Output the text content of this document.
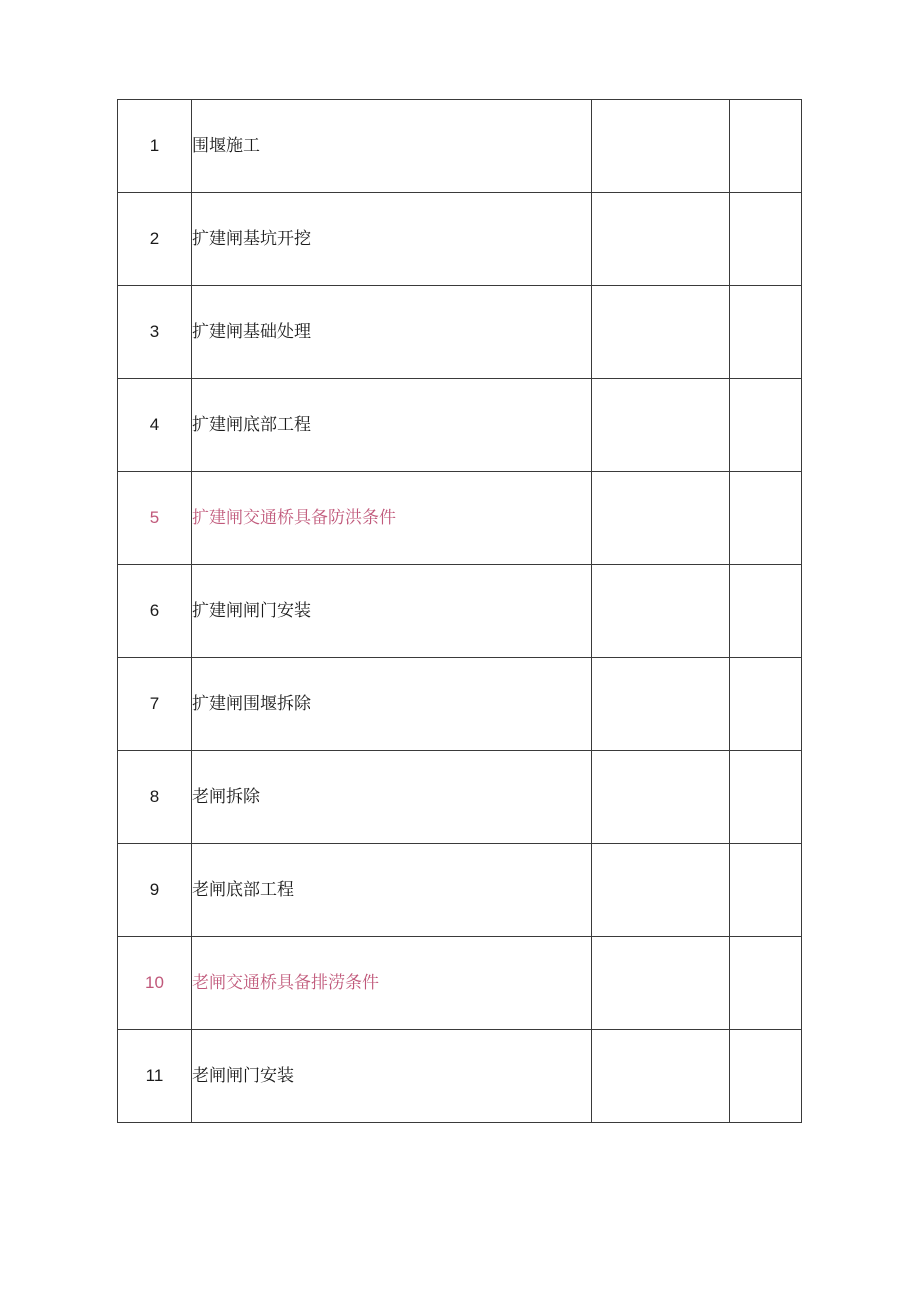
1	围堰施工		
2	扩建闸基坑开挖		
3	扩建闸基础处理		
4	扩建闸底部工程		
5	扩建闸交通桥具备防洪条件		
6	扩建闸闸门安装		
7	扩建闸围堰拆除		
8	老闸拆除		
9	老闸底部工程		
10	老闸交通桥具备排涝条件		
11	老闸闸门安装		
